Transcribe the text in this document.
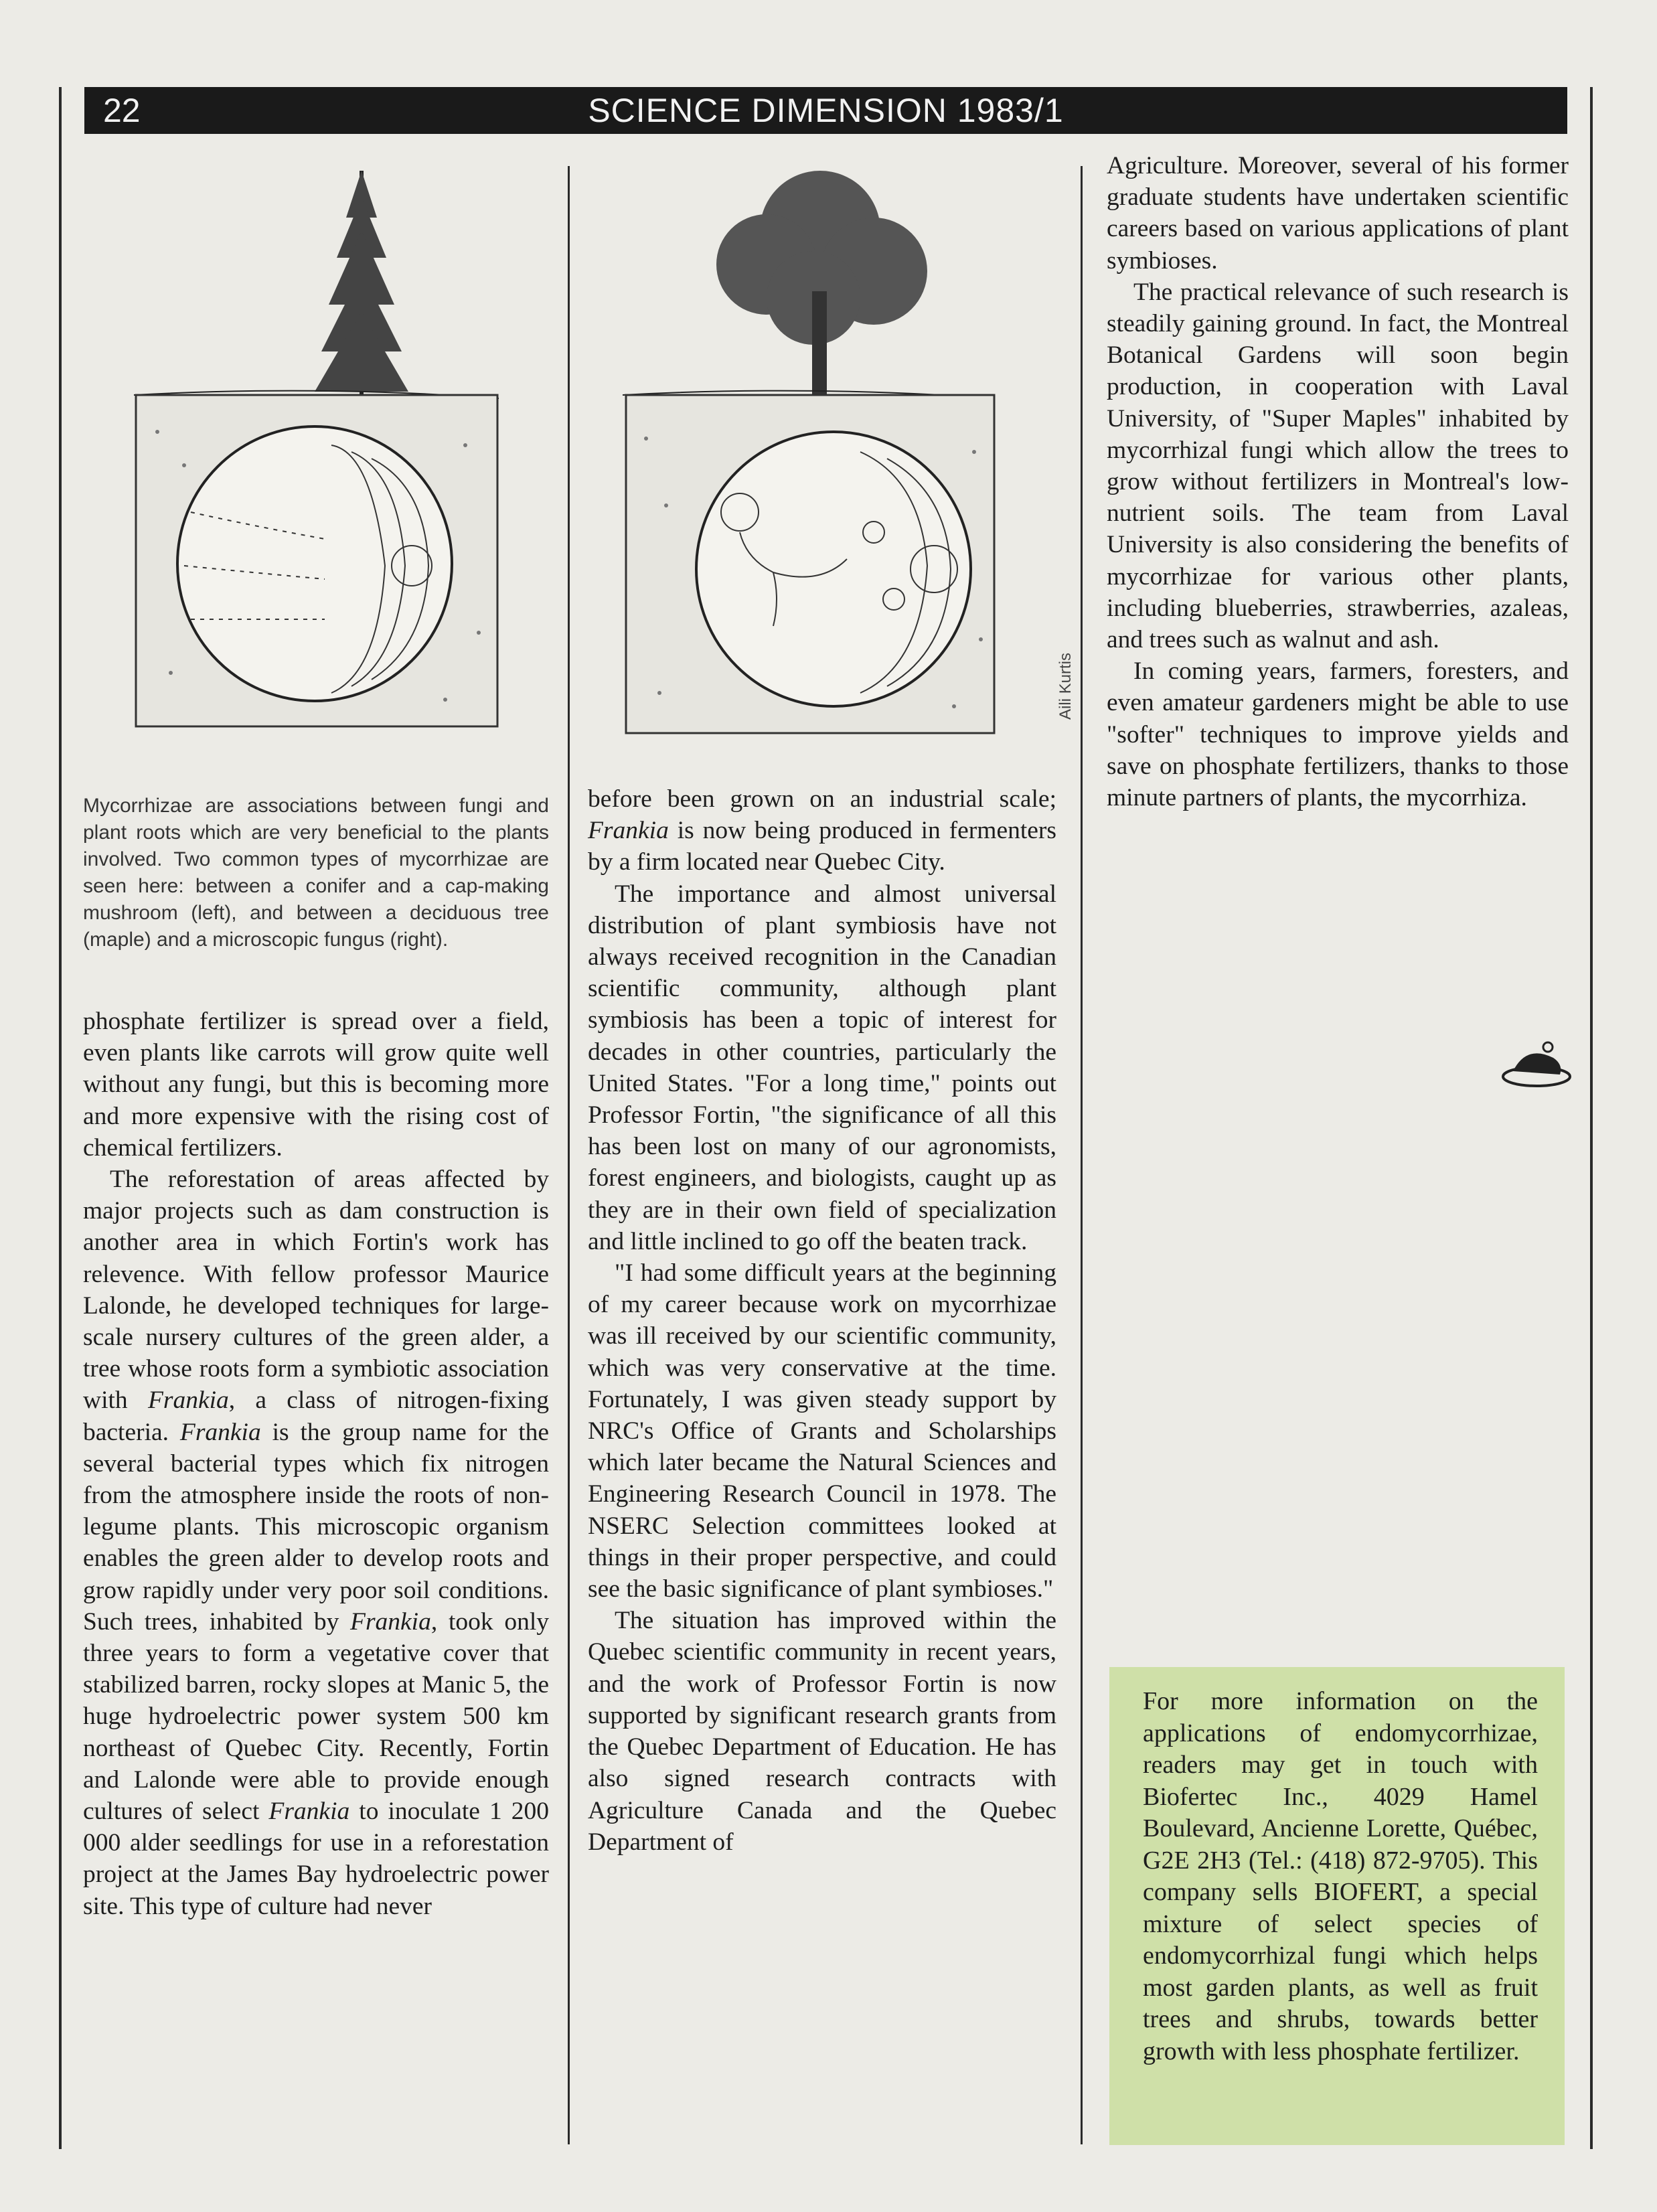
22	SCIENCE DIMENSION 1983/1
Aili Kurtis
Mycorrhizae are associations between fungi and plant roots which are very beneficial to the plants involved. Two common types of mycorrhizae are seen here: between a conifer and a cap-making mushroom (left), and between a deciduous tree (maple) and a microscopic fungus (right).

phosphate fertilizer is spread over a field, even plants like carrots will grow quite well without any fungi, but this is becoming more and more expensive with the rising cost of chemical fertilizers.

The reforestation of areas affected by major projects such as dam construction is another area in which Fortin's work has relevence. With fellow professor Maurice Lalonde, he developed techniques for large-scale nursery cultures of the green alder, a tree whose roots form a symbiotic association with Frankia, a class of nitrogen-fixing bacteria. Frankia is the group name for the several bacterial types which fix nitrogen from the atmosphere inside the roots of non-legume plants. This microscopic organism enables the green alder to develop roots and grow rapidly under very poor soil conditions. Such trees, inhabited by Frankia, took only three years to form a vegetative cover that stabilized barren, rocky slopes at Manic 5, the huge hydroelectric power system 500 km northeast of Quebec City. Recently, Fortin and Lalonde were able to provide enough cultures of select Frankia to inoculate 1 200 000 alder seedlings for use in a reforestation project at the James Bay hydroelectric power site. This type of culture had never

before been grown on an industrial scale; Frankia is now being produced in fermenters by a firm located near Quebec City.

The importance and almost universal distribution of plant symbiosis have not always received recognition in the Canadian scientific community, although plant symbiosis has been a topic of interest for decades in other countries, particularly the United States. "For a long time," points out Professor Fortin, "the significance of all this has been lost on many of our agronomists, forest engineers, and biologists, caught up as they are in their own field of specialization and little inclined to go off the beaten track.

"I had some difficult years at the beginning of my career because work on mycorrhizae was ill received by our scientific community, which was very conservative at the time. Fortunately, I was given steady support by NRC's Office of Grants and Scholarships which later became the Natural Sciences and Engineering Research Council in 1978. The NSERC Selection committees looked at things in their proper perspective, and could see the basic significance of plant symbioses."

The situation has improved within the Quebec scientific community in recent years, and the work of Professor Fortin is now supported by significant research grants from the Quebec Department of Education. He has also signed research contracts with Agriculture Canada and the Quebec Department of

Agriculture. Moreover, several of his former graduate students have undertaken scientific careers based on various applications of plant symbioses.

The practical relevance of such research is steadily gaining ground. In fact, the Montreal Botanical Gardens will soon begin production, in cooperation with Laval University, of "Super Maples" inhabited by mycorrhizal fungi which allow the trees to grow without fertilizers in Montreal's low-nutrient soils. The team from Laval University is also considering the benefits of mycorrhizae for various other plants, including blueberries, strawberries, azaleas, and trees such as walnut and ash.

In coming years, farmers, foresters, and even amateur gardeners might be able to use "softer" techniques to improve yields and save on phosphate fertilizers, thanks to those minute partners of plants, the mycorrhiza.

For more information on the applications of endomycorrhizae, readers may get in touch with Biofertec Inc., 4029 Hamel Boulevard, Ancienne Lorette, Québec, G2E 2H3 (Tel.: (418) 872-9705). This company sells BIOFERT, a special mixture of select species of endomycorrhizal fungi which helps most garden plants, as well as fruit trees and shrubs, towards better growth with less phosphate fertilizer.
